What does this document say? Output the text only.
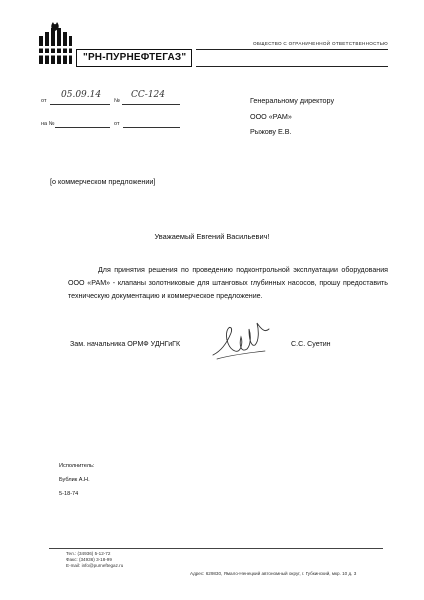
"РН-ПУРНЕФТЕГАЗ"
ОБЩЕСТВО С ОГРАНИЧЕННОЙ ОТВЕТСТВЕННОСТЬЮ
от
05.09.14
№
СС-124
на №	от
Генеральному директору
ООО «РАМ»
Рыжову Е.В.
[о коммерческом предложении]
Уважаемый Евгений Васильевич!
Для принятия решения по проведению подконтрольной эксплуатации оборудования ООО «РАМ» - клапаны золотниковые для штанговых глубинных насосов, прошу предоставить техническую документацию и коммерческое предложение.
Зам. начальника ОРМФ УДНГиГК	С.С. Суетин
Исполнитель:
Бублик А.Н.
5-18-74
Тел.: (34936) 5-12-72
Факс: (34936) 3-18-99
E-mail: info@purneftegaz.ru
Адрес: 629830, Ямало-Ненецкий автономный округ, г. Губкинский, мкр. 10 д. 3
